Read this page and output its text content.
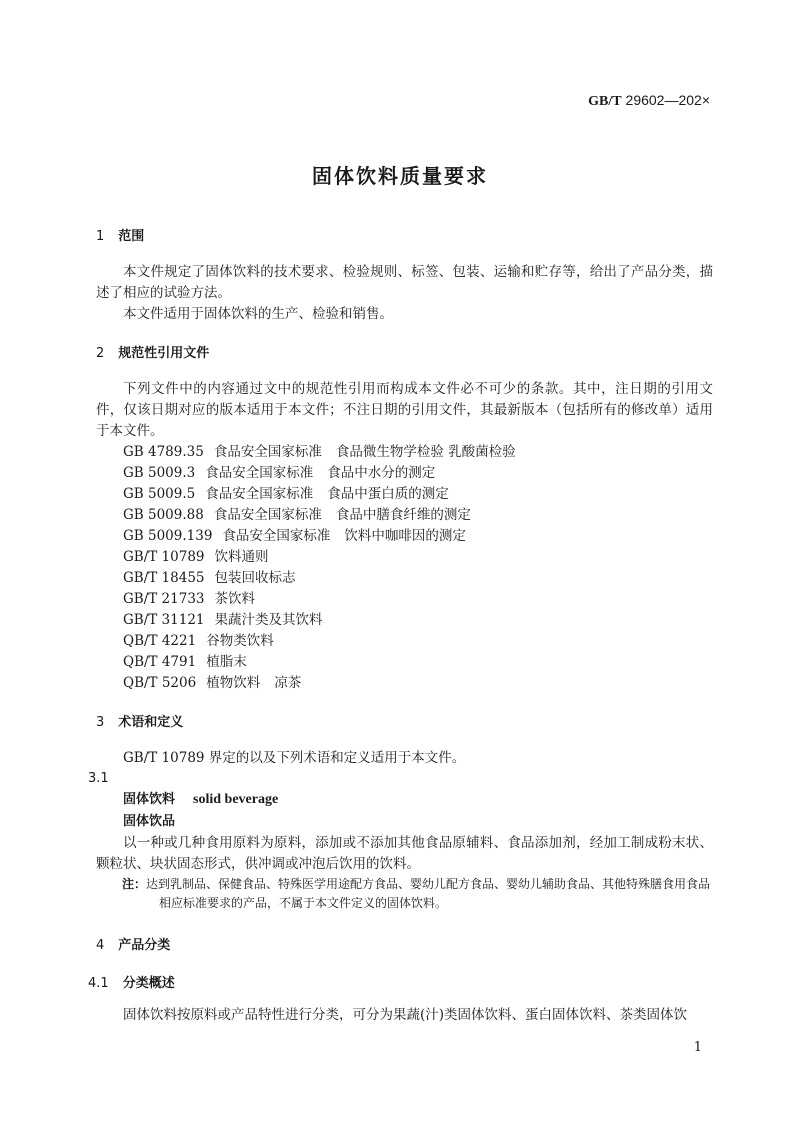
GB/T 29602—202×
固体饮料质量要求

1 范围

本文件规定了固体饮料的技术要求、检验规则、标签、包装、运输和贮存等，给出了产品分类，描述了相应的试验方法。

本文件适用于固体饮料的生产、检验和销售。

2 规范性引用文件

下列文件中的内容通过文中的规范性引用而构成本文件必不可少的条款。其中，注日期的引用文件，仅该日期对应的版本适用于本文件；不注日期的引用文件，其最新版本（包括所有的修改单）适用于本文件。

GB 4789.35 食品安全国家标准 食品微生物学检验 乳酸菌检验

GB 5009.3 食品安全国家标准 食品中水分的测定

GB 5009.5 食品安全国家标准 食品中蛋白质的测定

GB 5009.88 食品安全国家标准 食品中膳食纤维的测定

GB 5009.139 食品安全国家标准 饮料中咖啡因的测定

GB/T 10789 饮料通则

GB/T 18455 包装回收标志

GB/T 21733 茶饮料

GB/T 31121 果蔬汁类及其饮料

QB/T 4221 谷物类饮料

QB/T 4791 植脂末

QB/T 5206 植物饮料 凉茶

3 术语和定义

GB/T 10789 界定的以及下列术语和定义适用于本文件。

3.1

固体饮料 solid beverage

固体饮品

以一种或几种食用原料为原料，添加或不添加其他食品原辅料、食品添加剂，经加工制成粉末状、颗粒状、块状固态形式，供冲调或冲泡后饮用的饮料。

注：达到乳制品、保健食品、特殊医学用途配方食品、婴幼儿配方食品、婴幼儿辅助食品、其他特殊膳食用食品相应标准要求的产品，不属于本文件定义的固体饮料。

4 产品分类

4.1 分类概述

固体饮料按原料或产品特性进行分类，可分为果蔬(汁)类固体饮料、蛋白固体饮料、茶类固体饮

1
